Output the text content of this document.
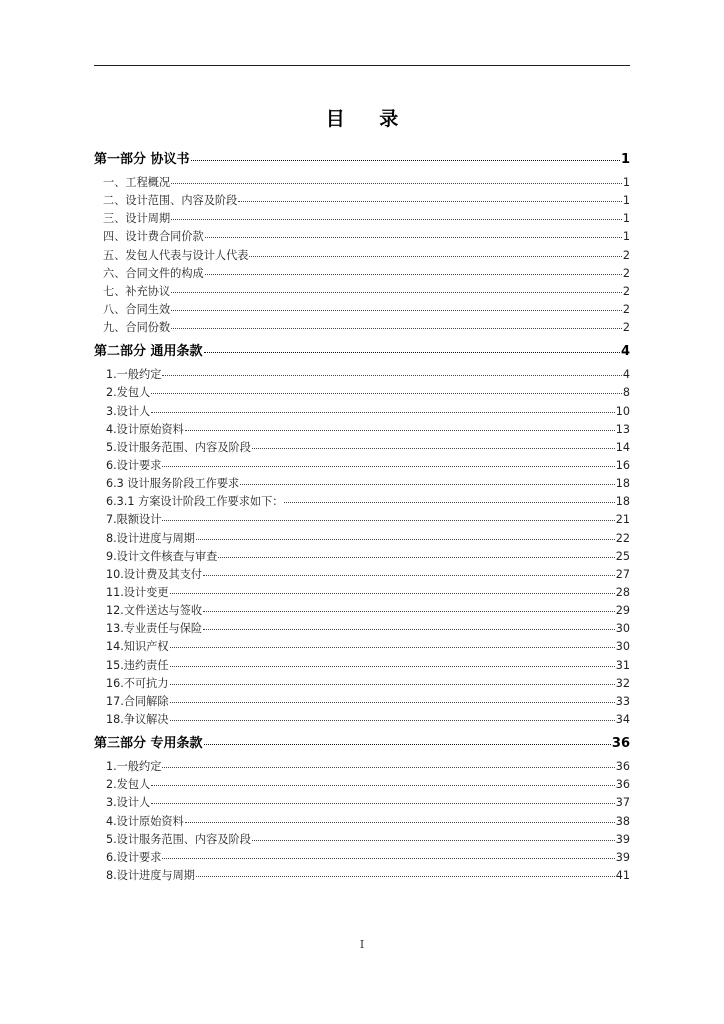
目 录
第一部分 协议书	1
一、工程概况	1
二、设计范围、内容及阶段	1
三、设计周期	1
四、设计费合同价款	1
五、发包人代表与设计人代表	2
六、合同文件的构成	2
七、补充协议	2
八、合同生效	2
九、合同份数	2
第二部分 通用条款	4
1.一般约定	4
2.发包人	8
3.设计人	10
4.设计原始资料	13
5.设计服务范围、内容及阶段	14
6.设计要求	16
6.3 设计服务阶段工作要求	18
6.3.1 方案设计阶段工作要求如下：	18
7.限额设计	21
8.设计进度与周期	22
9.设计文件核查与审查	25
10.设计费及其支付	27
11.设计变更	28
12.文件送达与签收	29
13.专业责任与保险	30
14.知识产权	30
15.违约责任	31
16.不可抗力	32
17.合同解除	33
18.争议解决	34
第三部分 专用条款	36
1.一般约定	36
2.发包人	36
3.设计人	37
4.设计原始资料	38
5.设计服务范围、内容及阶段	39
6.设计要求	39
8.设计进度与周期	41
I
